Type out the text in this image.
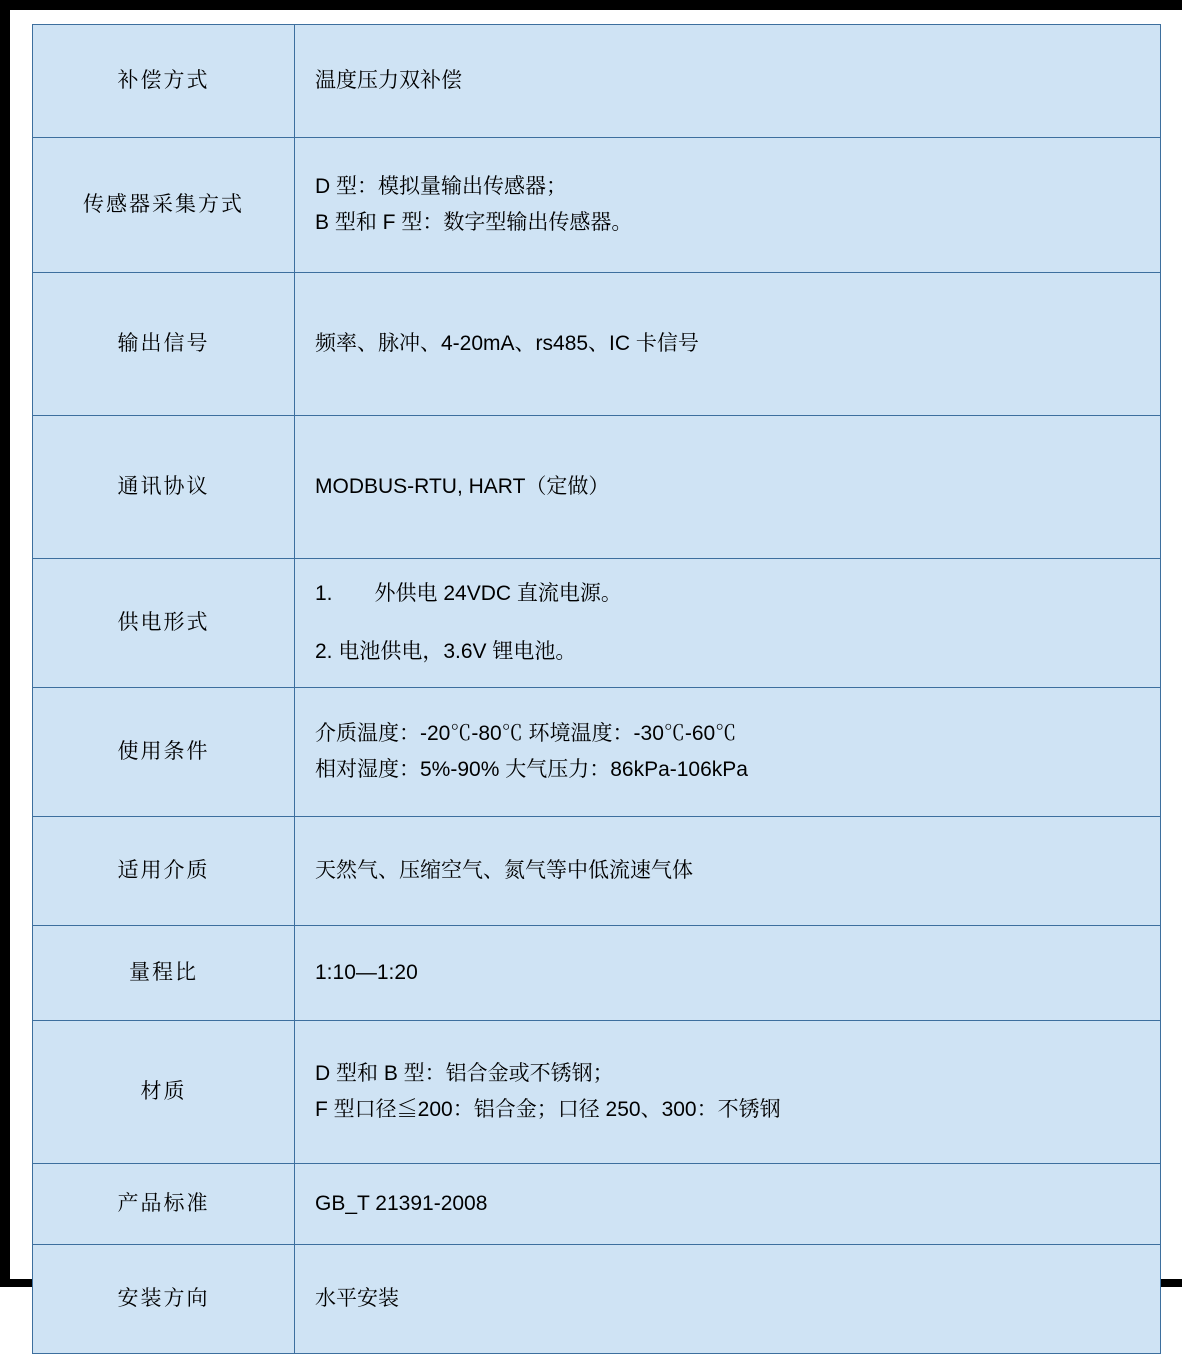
补偿方式	温度压力双补偿

传感器采集方式	D 型：模拟量输出传感器；
B 型和 F 型：数字型输出传感器。

输出信号	频率、脉冲、4-20mA、rs485、IC 卡信号

通讯协议	MODBUS-RTU, HART（定做）

供电形式	1.　　外供电 24VDC 直流电源。
2. 电池供电，3.6V 锂电池。

使用条件	介质温度：-20℃-80℃ 环境温度：-30℃-60℃
相对湿度：5%-90% 大气压力：86kPa-106kPa

适用介质	天然气、压缩空气、氮气等中低流速气体

量程比	1:10—1:20

材质	D 型和 B 型：铝合金或不锈钢；
F 型口径≦200：铝合金；口径 250、300：不锈钢

产品标准	GB_T 21391-2008

安装方向	水平安装
